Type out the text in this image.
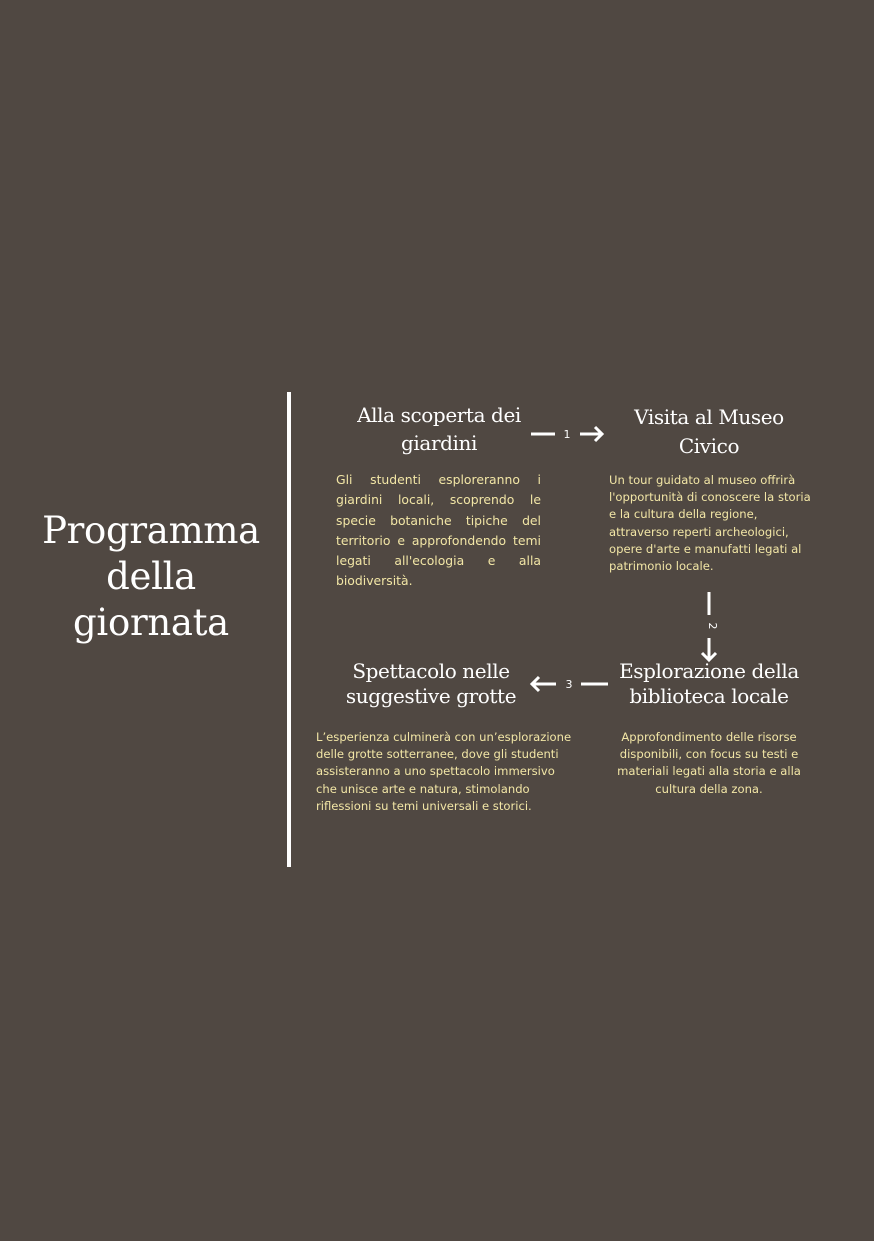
Programma della giornata
Alla scoperta dei giardini
Gli studenti esploreranno i giardini locali, scoprendo le specie botaniche tipiche del territorio e approfondendo temi legati all'ecologia e alla biodiversità.
Visita al Museo Civico
Un tour guidato al museo offrirà l'opportunità di conoscere la storia e la cultura della regione, attraverso reperti archeologici, opere d'arte e manufatti legati al patrimonio locale.
Esplorazione della biblioteca locale
Approfondimento delle risorse disponibili, con focus su testi e materiali legati alla storia e alla cultura della zona.
Spettacolo nelle suggestive grotte
L’esperienza culminerà con un’esplorazione delle grotte sotterranee, dove gli studenti assisteranno a uno spettacolo immersivo che unisce arte e natura, stimolando riflessioni su temi universali e storici.
1
2
3
